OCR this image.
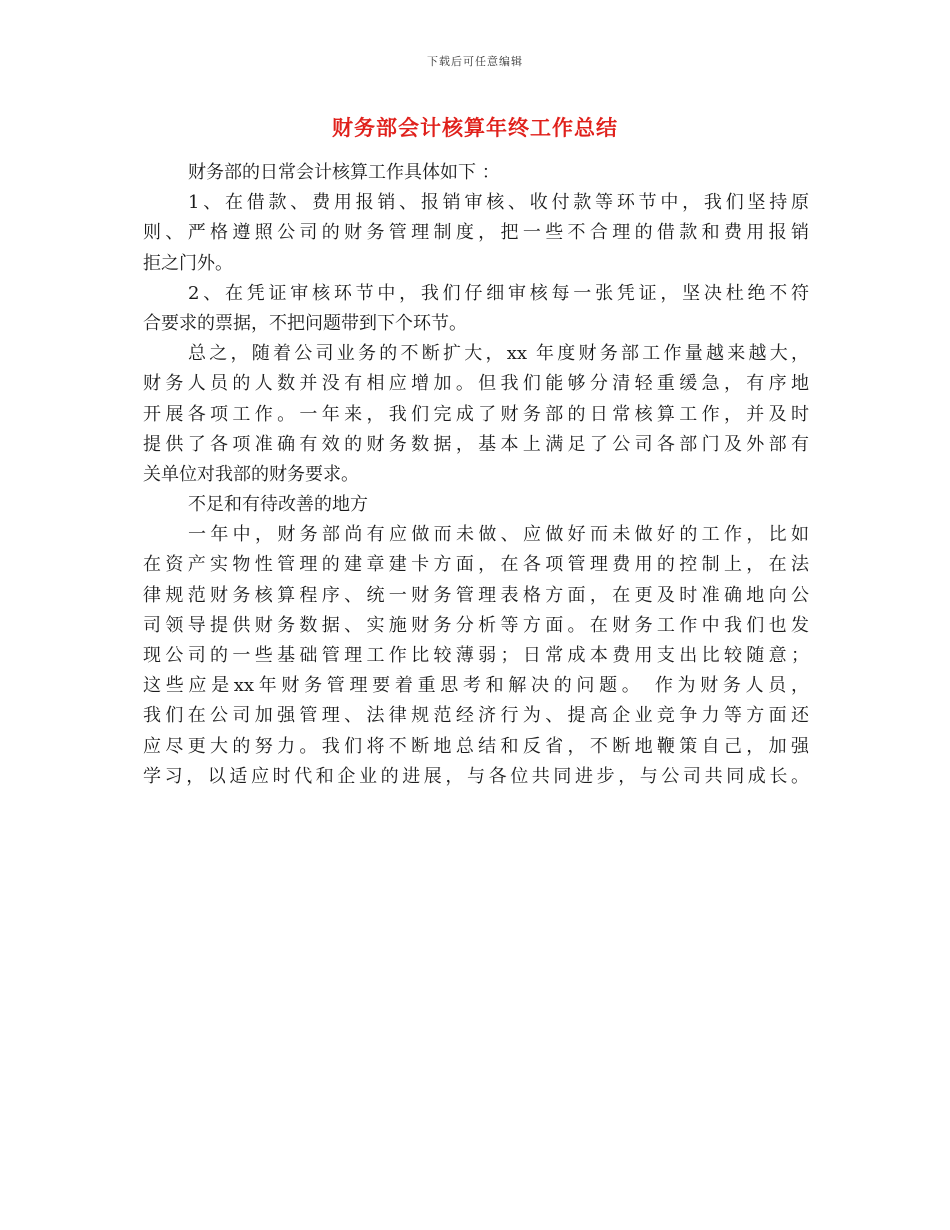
下载后可任意编辑
财务部会计核算年终工作总结
财务部的日常会计核算工作具体如下 ：
1、在借款、费用报销、报销审核、收付款等环节中，我们坚持原
则、严格遵照公司的财务管理制度，把一些不合理的借款和费用报销
拒之门外。
2、在凭证审核环节中，我们仔细审核每一张凭证，坚决杜绝不符
合要求的票据，不把问题带到下个环节。
总之，随着公司业务的不断扩大，xx 年度财务部工作量越来越大，
财务人员的人数并没有相应增加。但我们能够分清轻重缓急，有序地
开展各项工作。一年来，我们完成了财务部的日常核算工作，并及时
提供了各项准确有效的财务数据，基本上满足了公司各部门及外部有
关单位对我部的财务要求。
不足和有待改善的地方
一年中，财务部尚有应做而未做、应做好而未做好的工作，比如
在资产实物性管理的建章建卡方面，在各项管理费用的控制上，在法
律规范财务核算程序、统一财务管理表格方面，在更及时准确地向公
司领导提供财务数据、实施财务分析等方面。在财务工作中我们也发
现公司的一些基础管理工作比较薄弱；日常成本费用支出比较随意；
这些应是xx年财务管理要着重思考和解决的问题。 作为财务人员，
我们在公司加强管理、法律规范经济行为、提高企业竞争力等方面还
应尽更大的努力。我们将不断地总结和反省，不断地鞭策自己，加强
学习，以适应时代和企业的进展，与各位共同进步，与公司共同成长。
